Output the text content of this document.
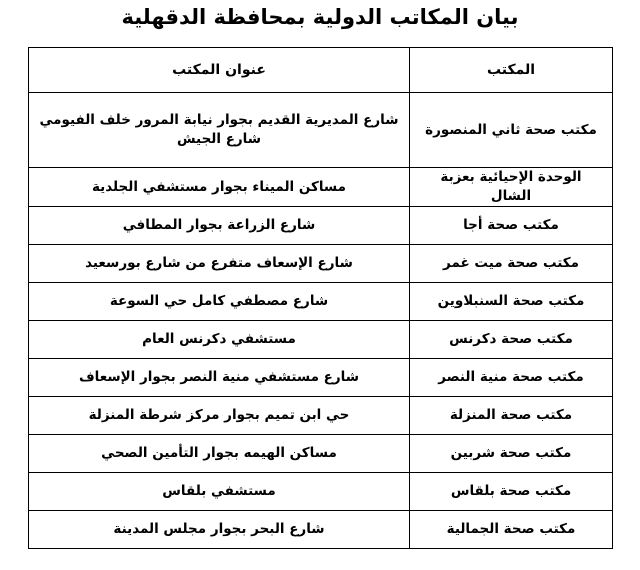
بيان المكاتب الدولية بمحافظة الدقهلية
المكتب	عنوان المكتب
مكتب صحة ثاني المنصورة	شارع المديرية القديم بجوار نيابة المرور خلف الفيومي شارع الجيش
الوحدة الإحيائية بعزبة الشال	مساكن الميناء بجوار مستشفي الجلدية
مكتب صحة أجا	شارع الزراعة بجوار المطافي
مكتب صحة ميت غمر	شارع الإسعاف متفرع من شارع بورسعيد
مكتب صحة السنبلاوين	شارع مصطفي كامل حي السوعة
مكتب صحة دكرنس	مستشفي دكرنس العام
مكتب صحة منية النصر	شارع مستشفي منية النصر بجوار الإسعاف
مكتب صحة المنزلة	حي ابن تميم بجوار مركز شرطة المنزلة
مكتب صحة شربين	مساكن الهيمه بجوار التأمين الصحي
مكتب صحة بلقاس	مستشفي بلقاس
مكتب صحة الجمالية	شارع البحر بجوار مجلس المدينة
